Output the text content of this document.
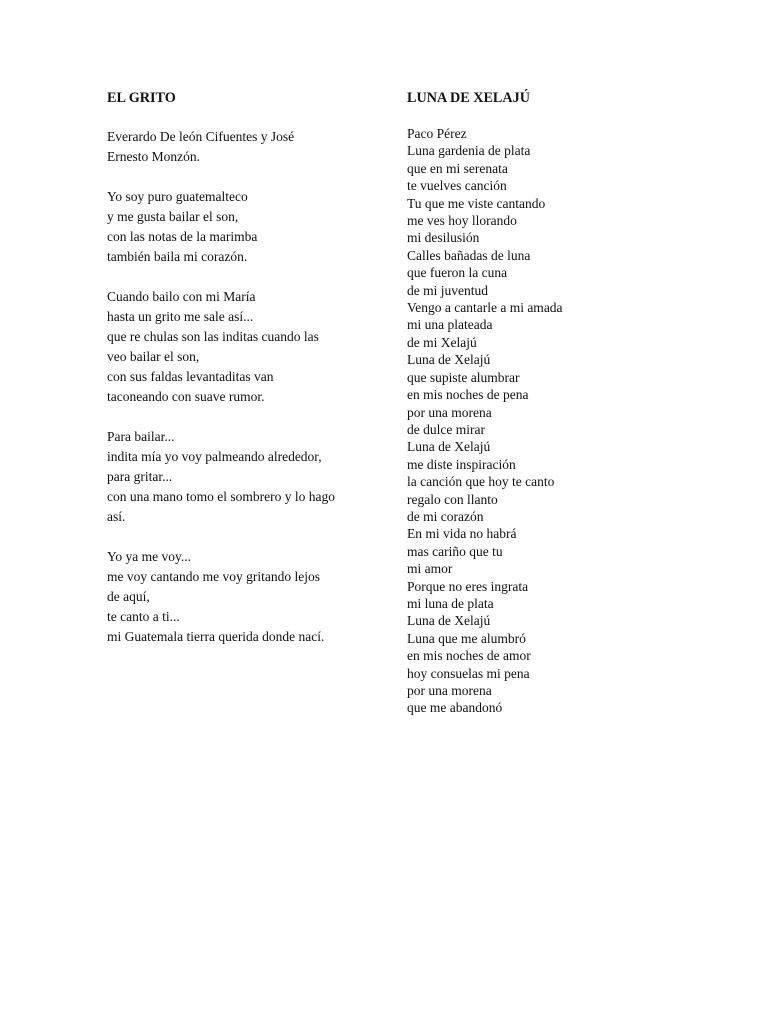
EL GRITO
Everardo De león Cifuentes y José
Ernesto Monzón.
Yo soy puro guatemalteco
y me gusta bailar el son,
con las notas de la marimba
también baila mi corazón.
Cuando bailo con mi María
hasta un grito me sale así...
que re chulas son las inditas cuando las
veo bailar el son,
con sus faldas levantaditas van
taconeando con suave rumor.
Para bailar...
indita mía yo voy palmeando alrededor,
para gritar...
con una mano tomo el sombrero y lo hago
así.
Yo ya me voy...
me voy cantando me voy gritando lejos
de aquí,
te canto a ti...
mi Guatemala tierra querida donde nací.
LUNA DE XELAJÚ
Paco Pérez
Luna gardenia de plata
que en mi serenata
te vuelves canción
Tu que me viste cantando
me ves hoy llorando
mi desilusión
Calles bañadas de luna
que fueron la cuna
de mi juventud
Vengo a cantarle a mi amada
mi una plateada
de mi Xelajú
Luna de Xelajú
que supiste alumbrar
en mis noches de pena
por una morena
de dulce mirar
Luna de Xelajú
me diste inspiración
la canción que hoy te canto
regalo con llanto
de mi corazón
En mi vida no habrá
mas cariño que tu
mi amor
Porque no eres ingrata
mi luna de plata
Luna de Xelajú
Luna que me alumbró
en mis noches de amor
hoy consuelas mi pena
por una morena
que me abandonó
